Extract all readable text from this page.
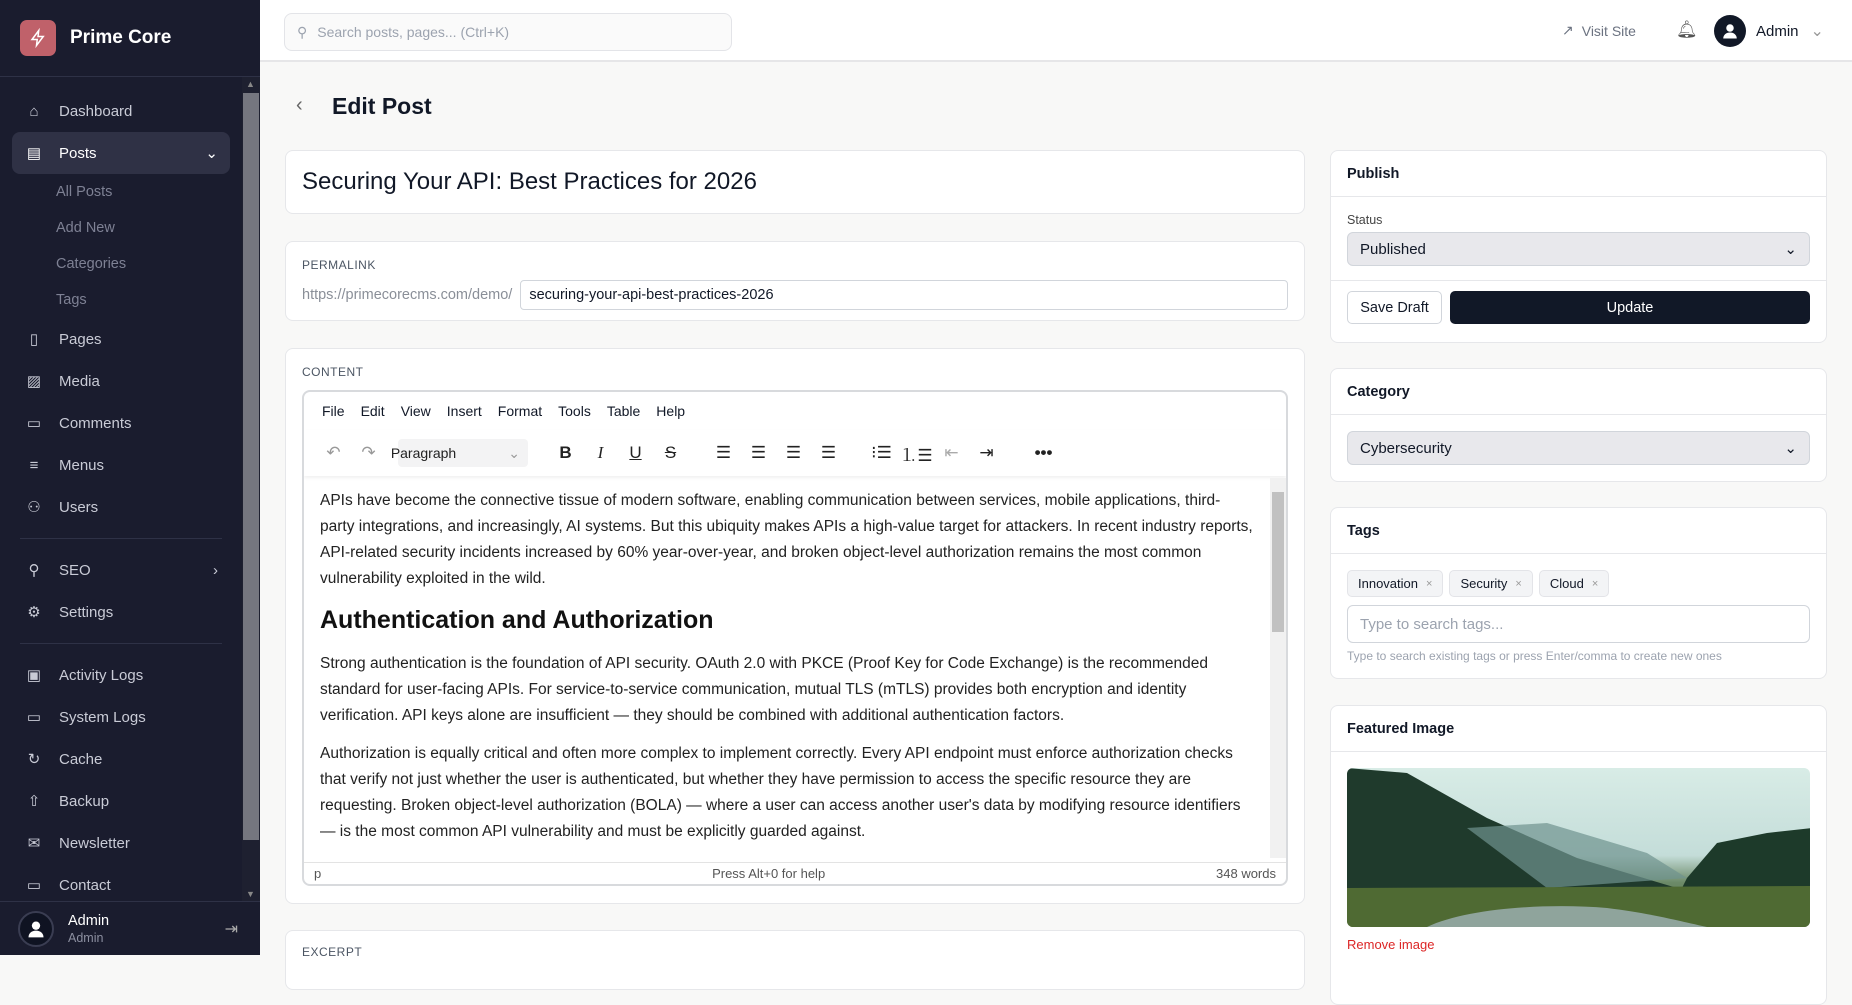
Prime Core
⌂	Dashboard
▤ Posts	⌄
All Posts
Add New
Categories
Tags
▯	Pages
▨ Media
▭ Comments
≡	Menus
⚇ Users
⚲	SEO	›
⚙ Settings
▣ Activity Logs
▭ System Logs
↻ Cache
⇧ Backup
✉ Newsletter
▭ Contact
▲
▼
Admin
Admin	⇥
⚲ Search posts, pages... (Ctrl+K)	↗ Visit Site 🔔︎	Admin ⌄
‹ Edit Post
Securing Your API: Best Practices for 2026
PERMALINK
https://primecorecms.com/demo/	securing-your-api-best-practices-2026
CONTENT
File Edit View Insert Format Tools Table Help
↶	↷	Paragraph	⌄	B	I	U	S	☰	☰	☰	☰	⁝☰ ⒈☰ ⇤	⇥	•••

APIs have become the connective tissue of modern software, enabling communication between services, mobile applications, third-party integrations, and increasingly, AI systems. But this ubiquity makes APIs a high-value target for attackers. In recent industry reports, API-related security incidents increased by 60% year-over-year, and broken object-level authorization remains the most common vulnerability exploited in the wild.

Authentication and Authorization

Strong authentication is the foundation of API security. OAuth 2.0 with PKCE (Proof Key for Code Exchange) is the recommended standard for user-facing APIs. For service-to-service communication, mutual TLS (mTLS) provides both encryption and identity verification. API keys alone are insufficient — they should be combined with additional authentication factors.

Authorization is equally critical and often more complex to implement correctly. Every API endpoint must enforce authorization checks that verify not just whether the user is authenticated, but whether they have permission to access the specific resource they are requesting. Broken object-level authorization (BOLA) — where a user can access another user's data by modifying resource identifiers — is the most common API vulnerability and must be explicitly guarded against.

p	Press Alt+0 for help	348 words
EXCERPT
Publish
Status
Published	⌄
Save Draft	Update
Category
Cybersecurity	⌄
Tags
Innovation × Security × Cloud ×
Type to search tags...
Type to search existing tags or press Enter/comma to create new ones
Featured Image
Remove image
